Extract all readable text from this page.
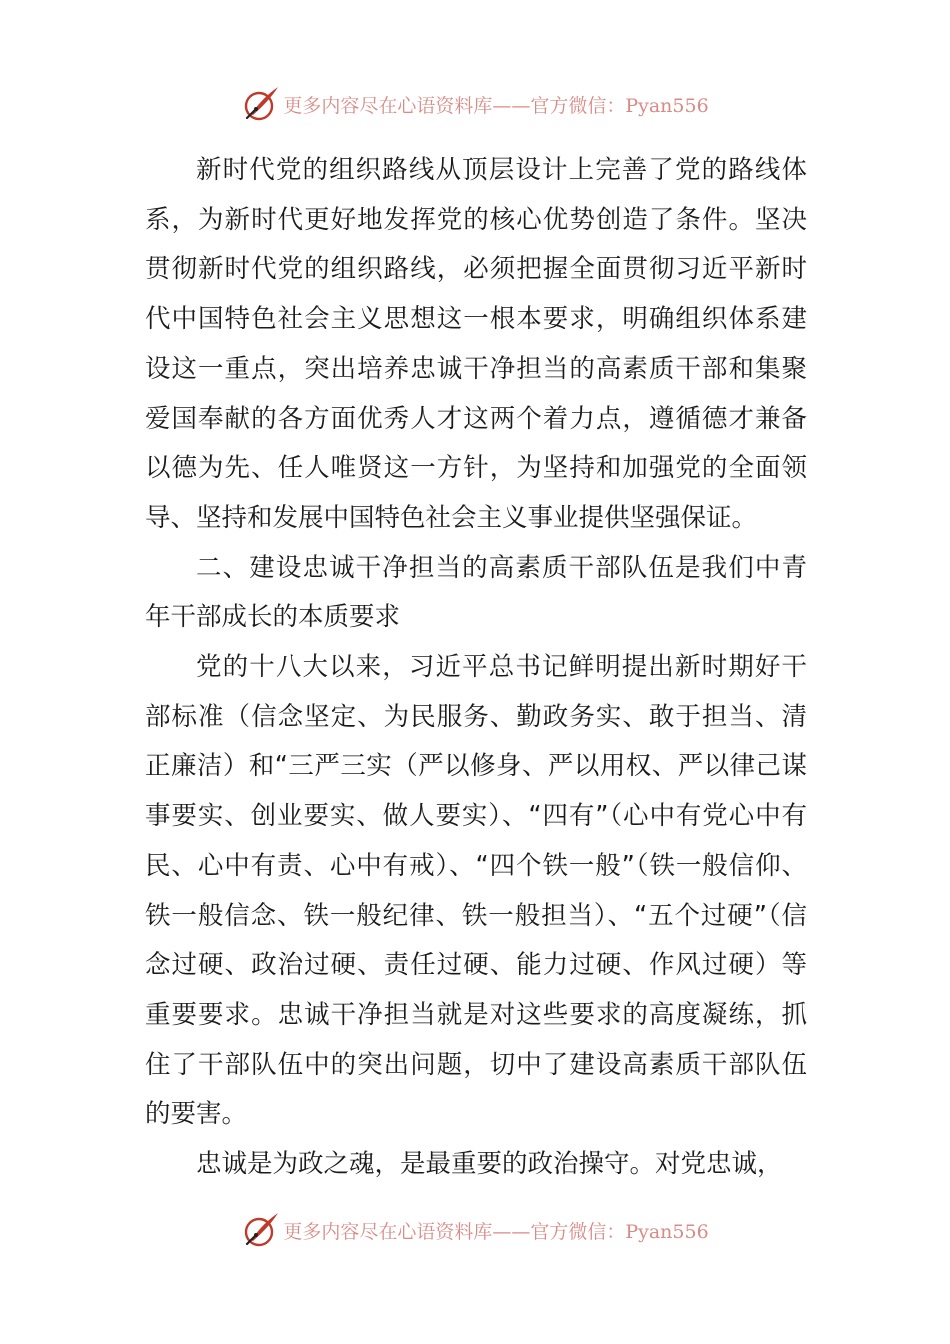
更多内容尽在心语资料库——官方微信：Pyan556

新时代党的组织路线从顶层设计上完善了党的路线体系，为新时代更好地发挥党的核心优势创造了条件。坚决贯彻新时代党的组织路线，必须把握全面贯彻习近平新时代中国特色社会主义思想这一根本要求，明确组织体系建设这一重点，突出培养忠诚干净担当的高素质干部和集聚爱国奉献的各方面优秀人才这两个着力点，遵循德才兼备以德为先、任人唯贤这一方针，为坚持和加强党的全面领导、坚持和发展中国特色社会主义事业提供坚强保证。

二、建设忠诚干净担当的高素质干部队伍是我们中青年干部成长的本质要求

党的十八大以来，习近平总书记鲜明提出新时期好干部标准（信念坚定、为民服务、勤政务实、敢于担当、清正廉洁）和“三严三实（严以修身、严以用权、严以律己谋事要实、创业要实、做人要实）、“四有”（心中有党心中有民、心中有责、心中有戒）、“四个铁一般”（铁一般信仰、铁一般信念、铁一般纪律、铁一般担当）、“五个过硬”（信念过硬、政治过硬、责任过硬、能力过硬、作风过硬）等重要要求。忠诚干净担当就是对这些要求的高度凝练，抓住了干部队伍中的突出问题，切中了建设高素质干部队伍的要害。

忠诚是为政之魂，是最重要的政治操守。对党忠诚，

更多内容尽在心语资料库——官方微信：Pyan556
